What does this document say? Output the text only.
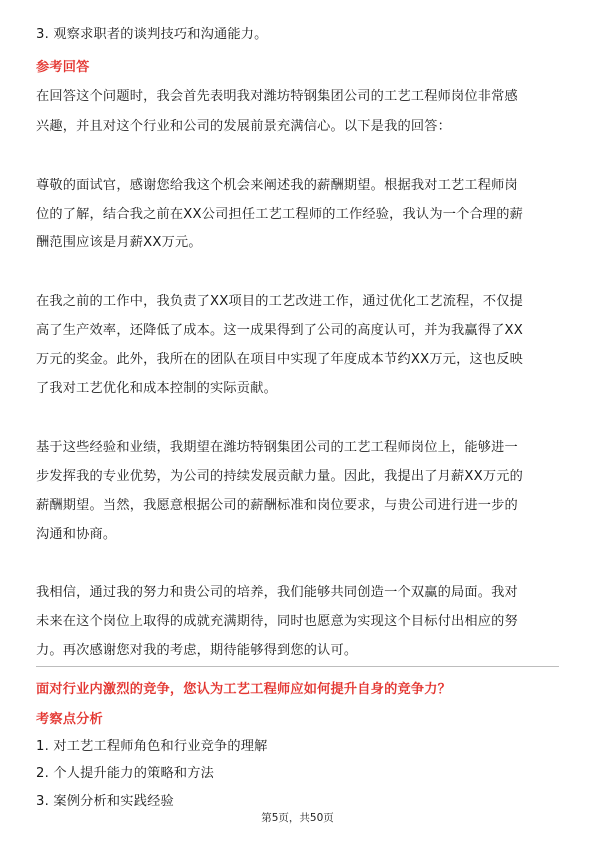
3. 观察求职者的谈判技巧和沟通能力。
参考回答
在回答这个问题时，我会首先表明我对潍坊特钢集团公司的工艺工程师岗位非常感
兴趣，并且对这个行业和公司的发展前景充满信心。以下是我的回答：
尊敬的面试官，感谢您给我这个机会来阐述我的薪酬期望。根据我对工艺工程师岗
位的了解，结合我之前在XX公司担任工艺工程师的工作经验，我认为一个合理的薪
酬范围应该是月薪XX万元。
在我之前的工作中，我负责了XX项目的工艺改进工作，通过优化工艺流程，不仅提
高了生产效率，还降低了成本。这一成果得到了公司的高度认可，并为我赢得了XX
万元的奖金。此外，我所在的团队在项目中实现了年度成本节约XX万元，这也反映
了我对工艺优化和成本控制的实际贡献。
基于这些经验和业绩，我期望在潍坊特钢集团公司的工艺工程师岗位上，能够进一
步发挥我的专业优势，为公司的持续发展贡献力量。因此，我提出了月薪XX万元的
薪酬期望。当然，我愿意根据公司的薪酬标准和岗位要求，与贵公司进行进一步的
沟通和协商。
我相信，通过我的努力和贵公司的培养，我们能够共同创造一个双赢的局面。我对
未来在这个岗位上取得的成就充满期待，同时也愿意为实现这个目标付出相应的努
力。再次感谢您对我的考虑，期待能够得到您的认可。
面对行业内激烈的竞争，您认为工艺工程师应如何提升自身的竞争力？
考察点分析
1. 对工艺工程师角色和行业竞争的理解
2. 个人提升能力的策略和方法
3. 案例分析和实践经验
第5页，共50页
